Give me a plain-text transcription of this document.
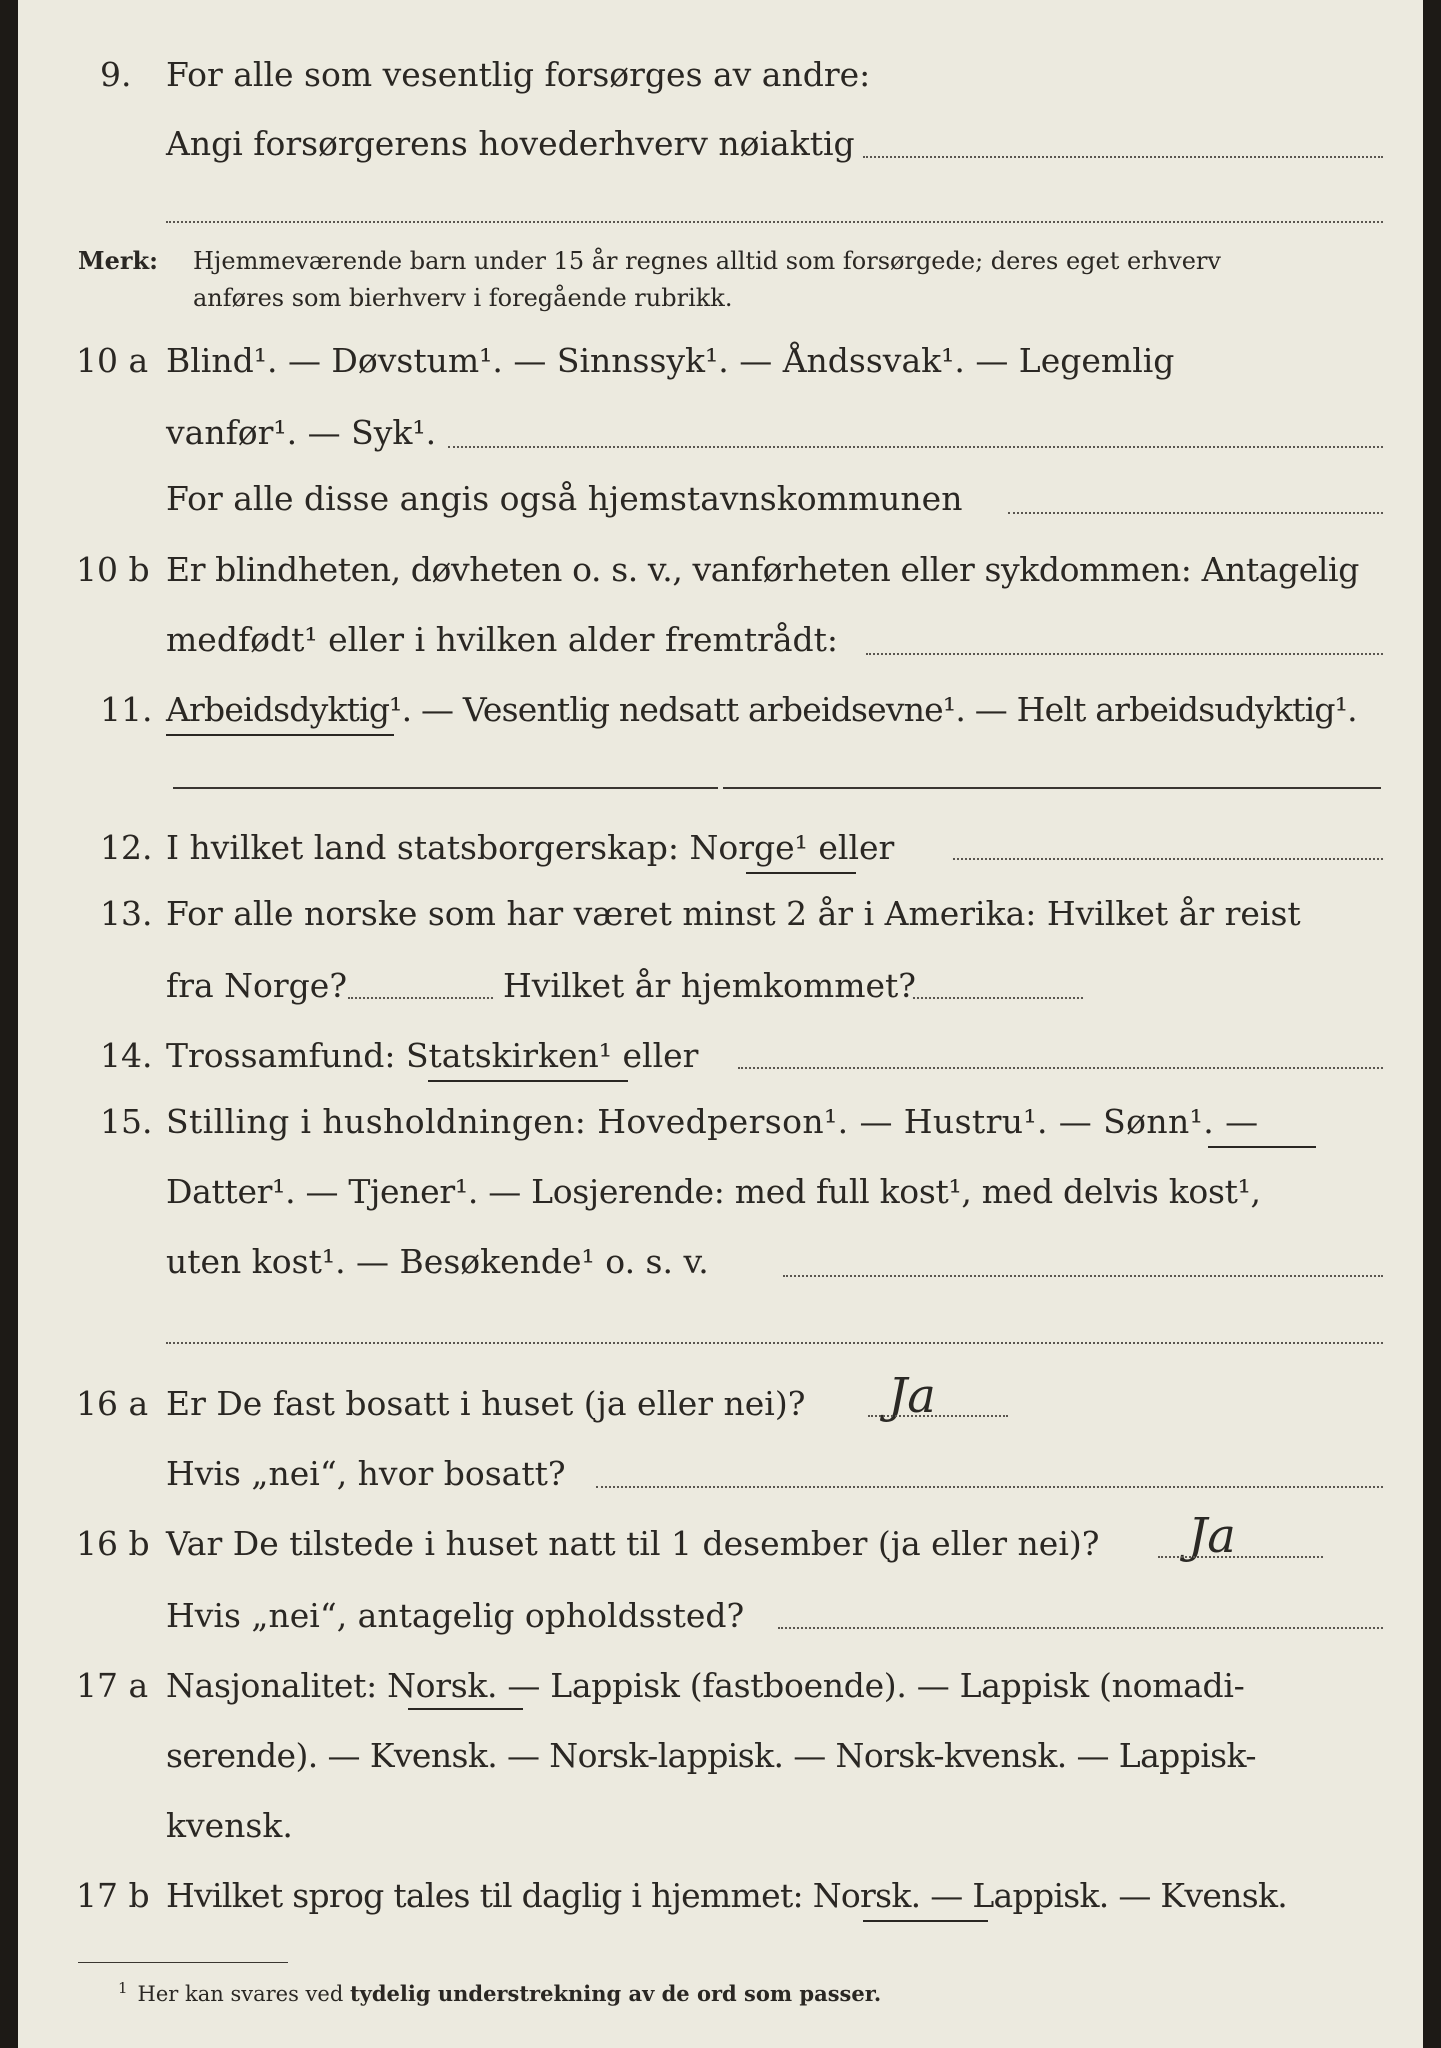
9. For alle som vesentlig forsørges av andre:
Angi forsørgerens hovederhverv nøiaktig
Merk: Hjemmeværende barn under 15 år regnes alltid som forsørgede; deres eget erhverv
anføres som bierhverv i foregående rubrikk.
10 a Blind¹. — Døvstum¹. — Sinnssyk¹. — Åndssvak¹. — Legemlig
vanfør¹. — Syk¹.
For alle disse angis også hjemstavnskommunen
10 b Er blindheten, døvheten o. s. v., vanførheten eller sykdommen: Antagelig
medfødt¹ eller i hvilken alder fremtrådt:
11. Arbeidsdyktig¹. — Vesentlig nedsatt arbeidsevne¹. — Helt arbeidsudyktig¹.
12. I hvilket land statsborgerskap: Norge¹ eller
13. For alle norske som har været minst 2 år i Amerika: Hvilket år reist
fra Norge?	Hvilket år hjemkommet?
14. Trossamfund: Statskirken¹ eller
15. Stilling i husholdningen: Hovedperson¹. — Hustru¹. — Sønn¹. —
Datter¹. — Tjener¹. — Losjerende: med full kost¹, med delvis kost¹,
uten kost¹. — Besøkende¹ o. s. v.
16 a Er De fast bosatt i huset (ja eller nei)? Ja
Hvis „nei“, hvor bosatt?
16 b Var De tilstede i huset natt til 1 desember (ja eller nei)? Ja
Hvis „nei“, antagelig opholdssted?
17 a Nasjonalitet: Norsk. — Lappisk (fastboende). — Lappisk (nomadi-
serende). — Kvensk. — Norsk-lappisk. — Norsk-kvensk. — Lappisk-
kvensk.
17 b Hvilket sprog tales til daglig i hjemmet: Norsk. — Lappisk. — Kvensk.
$^1$ Her kan svares ved tydelig understrekning av de ord som passer.
